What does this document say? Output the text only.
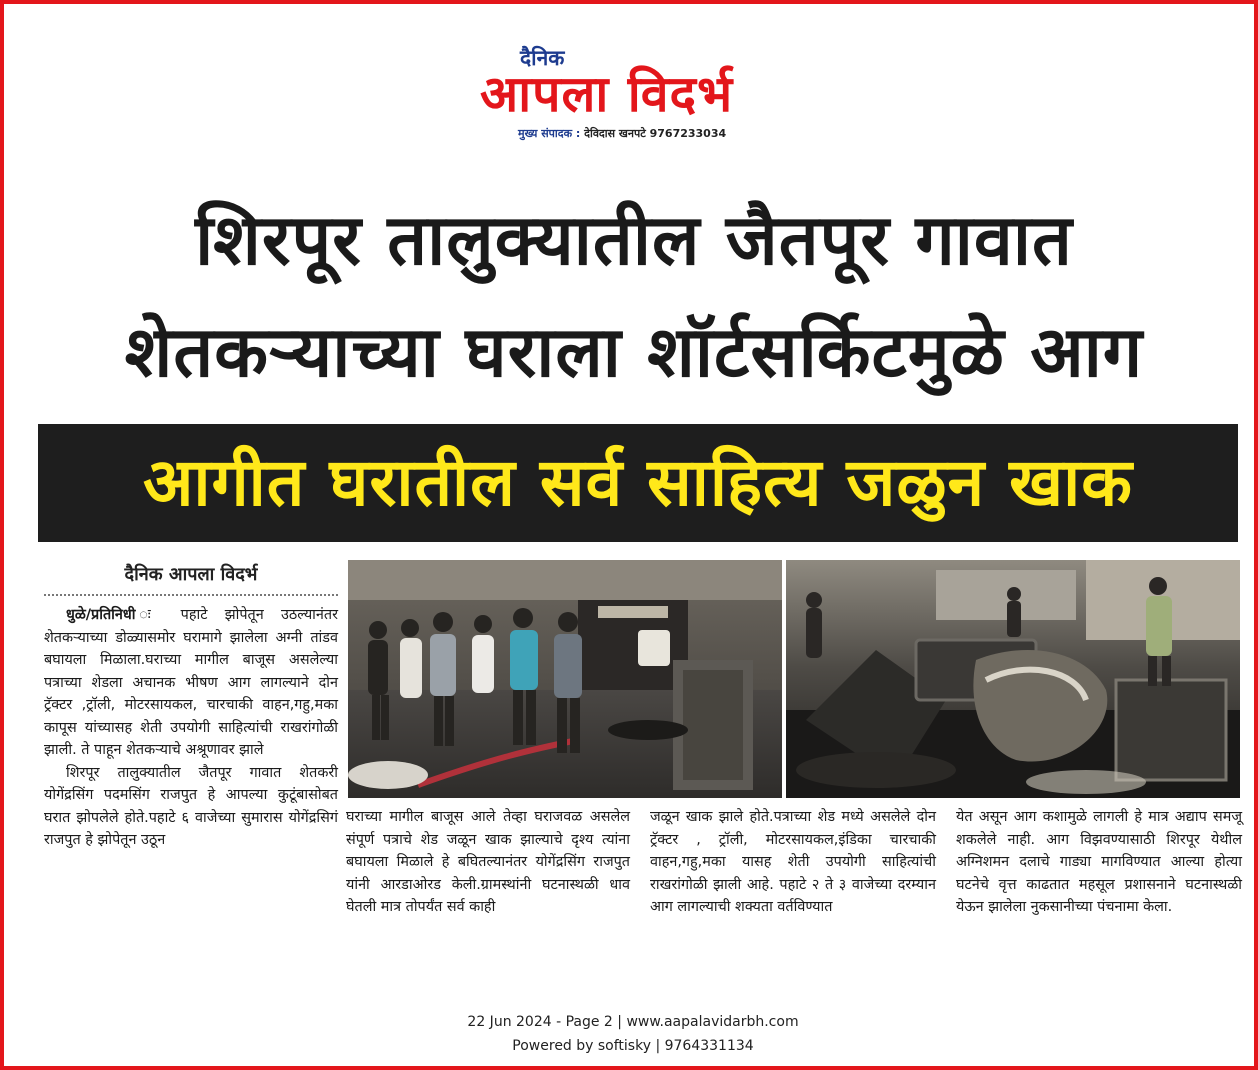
दैनिक
आपला विदर्भ
मुख्य संपादक : देविदास खनपटे 9767233034
शिरपूर तालुक्यातील जैतपूर गावात
शेतकऱ्याच्या घराला शॉर्टसर्किटमुळे आग
आगीत घरातील सर्व साहित्य जळुन खाक
दैनिक आपला विदर्भ

धुळे/प्रतिनिधी ः पहाटे झोपेतून उठल्यानंतर शेतकऱ्याच्या डोळ्यासमोर घरामागे झालेला अग्नी तांडव बघायला मिळाला.घराच्या मागील बाजूस असलेल्या पत्राच्या शेडला अचानक भीषण आग लागल्याने दोन ट्रॅक्टर ,ट्रॉली, मोटरसायकल, चारचाकी वाहन,गहु,मका कापूस यांच्यासह शेती उपयोगी साहित्यांची राखरांगोळी झाली. ते पाहून शेतकऱ्याचे अश्रूणावर झाले

शिरपूर तालुक्यातील जैतपूर गावात शेतकरी योगेंद्रसिंग पदमसिंग राजपुत हे आपल्या कुटूंबासोबत घरात झोपलेले होते.पहाटे ६ वाजेच्या सुमारास योगेंद्रसिगं राजपुत हे झोपेतून उठून

घराच्या मागील बाजूस आले तेव्हा घराजवळ असलेल संपूर्ण पत्राचे शेड जळून खाक झाल्याचे दृश्य त्यांना बघायला मिळाले हे बघितल्यानंतर योगेंद्रसिंग राजपुत यांनी आरडाओरड केली.ग्रामस्थांनी घटनास्थळी धाव घेतली मात्र तोपर्यंत सर्व काही
जळून खाक झाले होते.पत्राच्या शेड मध्ये असलेले दोन ट्रॅक्टर , ट्रॉली, मोटरसायकल,इंडिका चारचाकी वाहन,गहु,मका यासह शेती उपयोगी साहित्यांची राखरांगोळी झाली आहे. पहाटे २ ते ३ वाजेच्या दरम्यान आग लागल्याची शक्यता वर्तविण्यात
येत असून आग कशामुळे लागली हे मात्र अद्याप समजू शकलेले नाही. आग विझवण्यासाठी शिरपूर येथील अग्निशमन दलाचे गाड्या मागविण्यात आल्या होत्या घटनेचे वृत्त काढतात महसूल प्रशासनाने घटनास्थळी येऊन झालेला नुकसानीच्या पंचनामा केला.
22 Jun 2024 - Page 2 | www.aapalavidarbh.com
Powered by softisky | 9764331134
